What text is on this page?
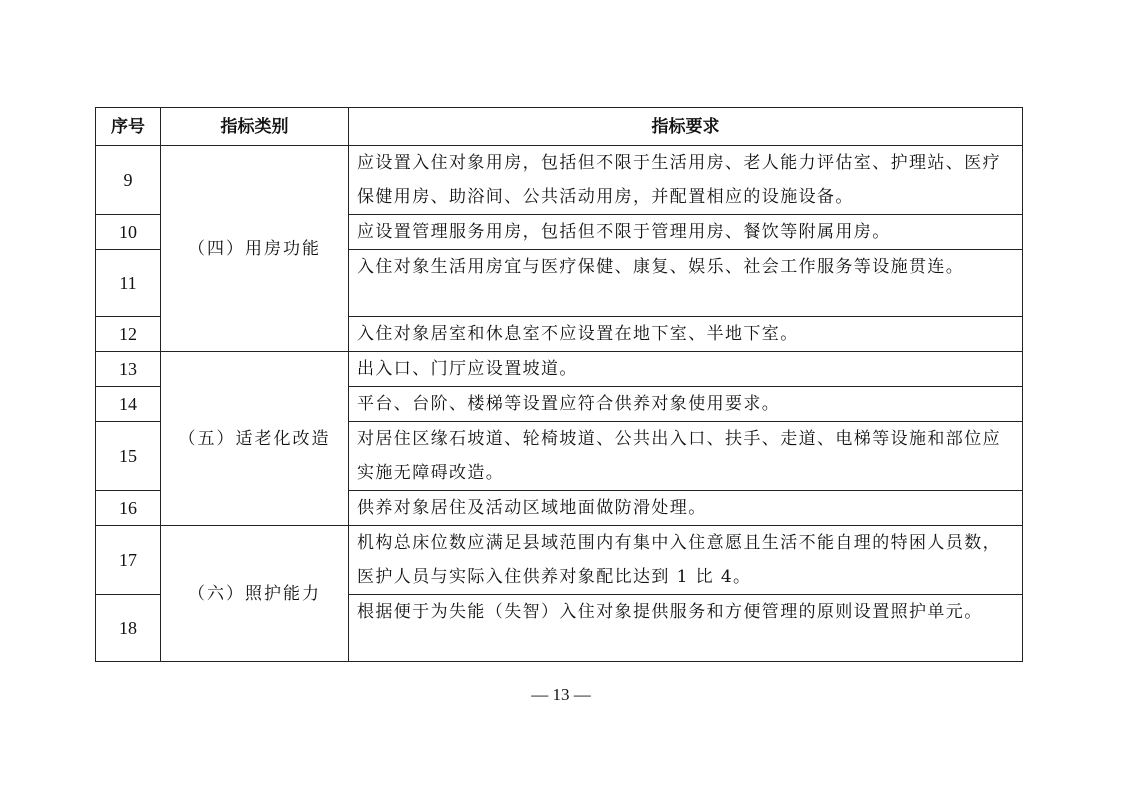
序号	指标类别	指标要求
9	（四）用房功能	应设置入住对象用房，包括但不限于生活用房、老人能力评估室、护理站、医疗保健用房、助浴间、公共活动用房，并配置相应的设施设备。
10		应设置管理服务用房，包括但不限于管理用房、餐饮等附属用房。
11		入住对象生活用房宜与医疗保健、康复、娱乐、社会工作服务等设施贯连。
12		入住对象居室和休息室不应设置在地下室、半地下室。
13	（五）适老化改造	出入口、门厅应设置坡道。
14		平台、台阶、楼梯等设置应符合供养对象使用要求。
15		对居住区缘石坡道、轮椅坡道、公共出入口、扶手、走道、电梯等设施和部位应实施无障碍改造。
16		供养对象居住及活动区域地面做防滑处理。
17	（六）照护能力	机构总床位数应满足县域范围内有集中入住意愿且生活不能自理的特困人员数，医护人员与实际入住供养对象配比达到 1 比 4。
18		根据便于为失能（失智）入住对象提供服务和方便管理的原则设置照护单元。
— 13 —
